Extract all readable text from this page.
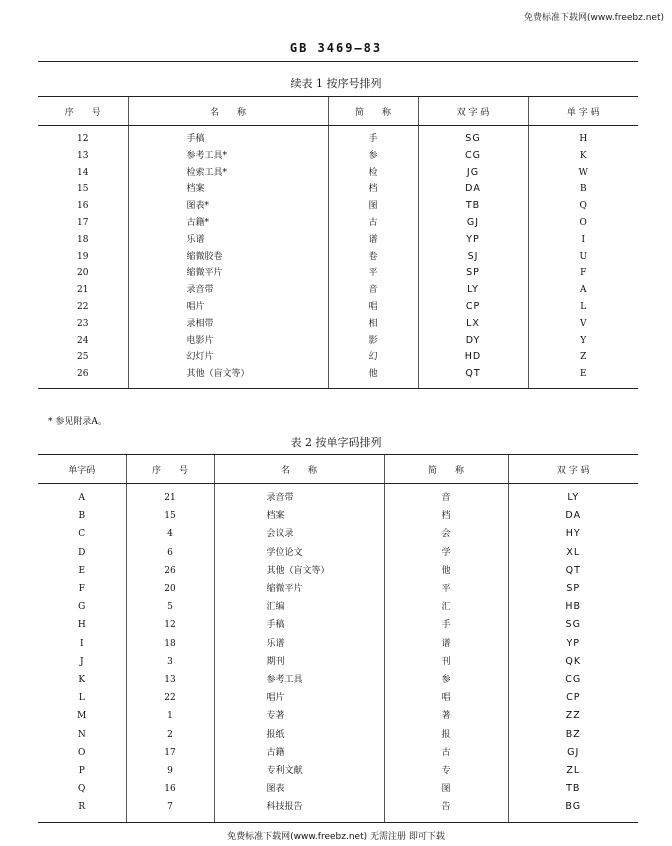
免费标准下载网(www.freebz.net)
GB 3469—83
续表 1 按序号排列
序　　号	名　　称	简　　称	双 字 码	单 字 码

12	手稿	手	SG	H
13	参考工具*	参	CG	K
14	检索工具*	检	JG	W
15	档案	档	DA	B
16	图表*	图	TB	Q
17	古籍*	古	GJ	O
18	乐谱	谱	YP	I
19	缩微胶卷	卷	SJ	U
20	缩微平片	平	SP	F
21	录音带	音	LY	A
22	唱片	唱	CP	L
23	录相带	相	LX	V
24	电影片	影	DY	Y
25	幻灯片	幻	HD	Z
26	其他（盲文等）	他	QT	E

* 参见附录A。
表 2 按单字码排列
单字码	序　　号	名　　称	简　　称	双 字 码

A	21	录音带	音	LY
B	15	档案	档	DA
C	4	会议录	会	HY
D	6	学位论文	学	XL
E	26	其他（盲文等）	他	QT
F	20	缩微平片	平	SP
G	5	汇编	汇	HB
H	12	手稿	手	SG
I	18	乐谱	谱	YP
J	3	期刊	刊	QK
K	13	参考工具	参	CG
L	22	唱片	唱	CP
M	1	专著	著	ZZ
N	2	报纸	报	BZ
O	17	古籍	古	GJ
P	9	专利文献	专	ZL
Q	16	图表	图	TB
R	7	科技报告	告	BG

免费标准下载网(www.freebz.net) 无需注册 即可下载
